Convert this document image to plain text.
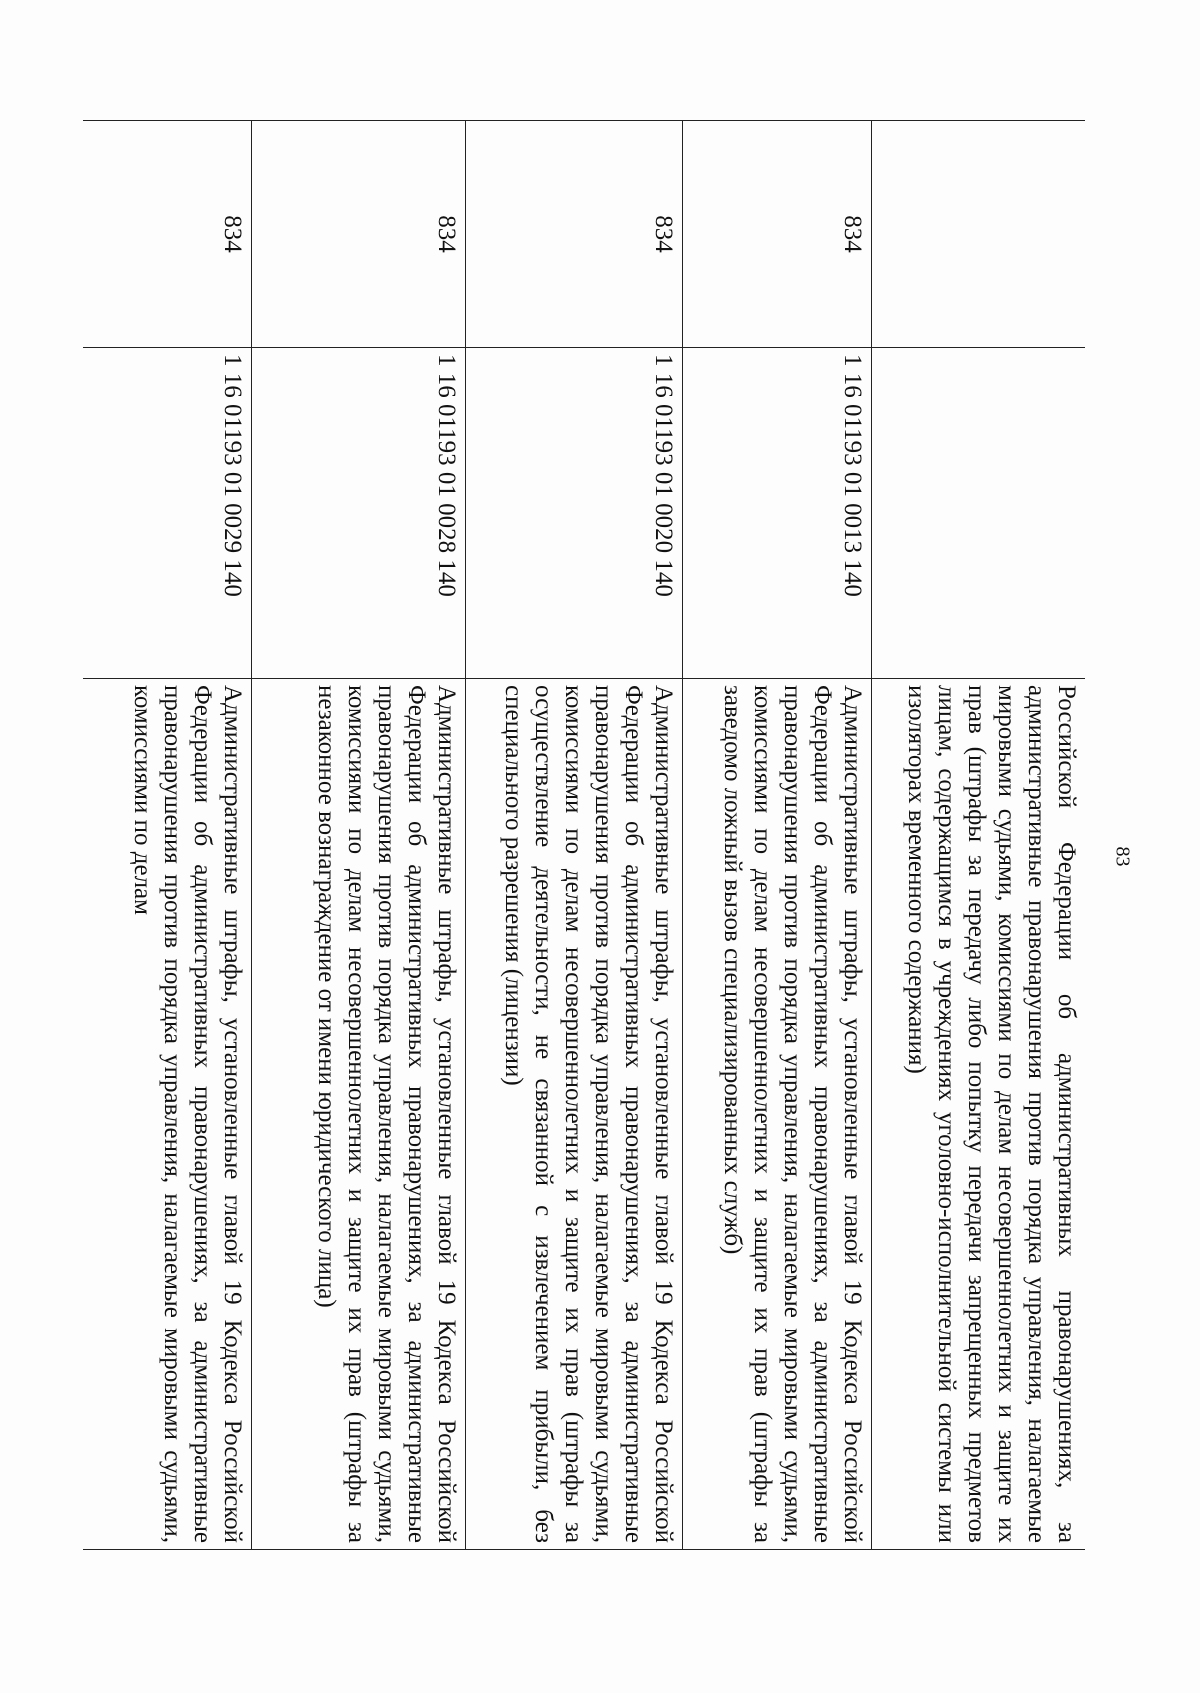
		Российской Федерации об административных правонарушениях, за административные правонарушения против порядка управления, налагаемые мировыми судьями, комиссиями по делам несовершеннолетних и защите их прав (штрафы за передачу либо попытку передачи запрещенных предметов лицам, содержащимся в учреждениях уголовно-исполнительной системы или изоляторах временного содержания)
834	1 16 01193 01 0013 140	Административные штрафы, установленные главой 19 Кодекса Российской Федерации об административных правонарушениях, за административные правонарушения против порядка управления, налагаемые мировыми судьями, комиссиями по делам несовершеннолетних и защите их прав (штрафы за заведомо ложный вызов специализированных служб)
834	1 16 01193 01 0020 140	Административные штрафы, установленные главой 19 Кодекса Российской Федерации об административных правонарушениях, за административные правонарушения против порядка управления, налагаемые мировыми судьями, комиссиями по делам несовершеннолетних и защите их прав (штрафы за осуществление деятельности, не связанной с извлечением прибыли, без специального разрешения (лицензии)
834	1 16 01193 01 0028 140	Административные штрафы, установленные главой 19 Кодекса Российской Федерации об административных правонарушениях, за административные правонарушения против порядка управления, налагаемые мировыми судьями, комиссиями по делам несовершеннолетних и защите их прав (штрафы за незаконное вознаграждение от имени юридического лица)
834	1 16 01193 01 0029 140	Административные штрафы, установленные главой 19 Кодекса Российской Федерации об административных правонарушениях, за административные правонарушения против порядка управления, налагаемые мировыми судьями, комиссиями по делам	83
